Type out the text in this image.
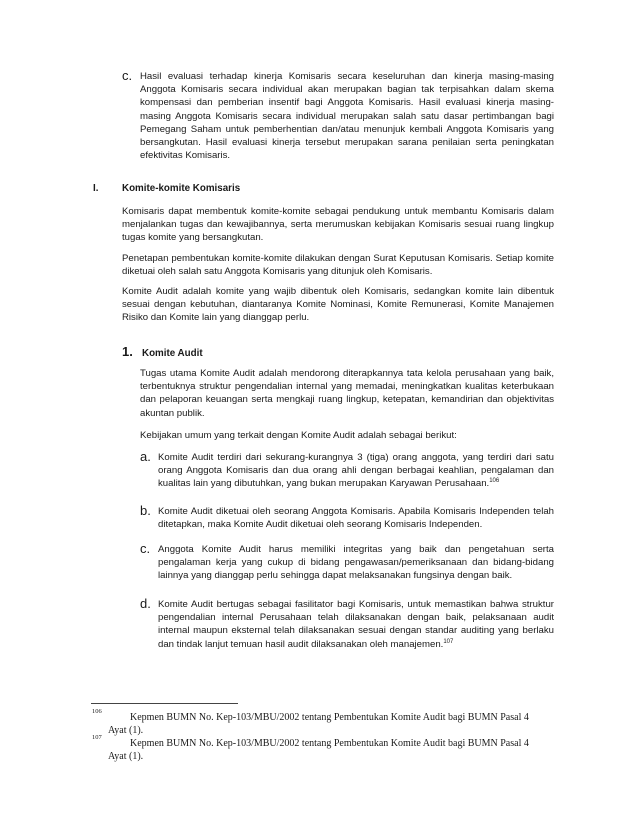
c. Hasil evaluasi terhadap kinerja Komisaris secara keseluruhan dan kinerja masing-masing Anggota Komisaris secara individual akan merupakan bagian tak terpisahkan dalam skema kompensasi dan pemberian insentif bagi Anggota Komisaris. Hasil evaluasi kinerja masing-masing Anggota Komisaris secara individual merupakan salah satu dasar pertimbangan bagi Pemegang Saham untuk pemberhentian dan/atau menunjuk kembali Anggota Komisaris yang bersangkutan. Hasil evaluasi kinerja tersebut merupakan sarana penilaian serta peningkatan efektivitas Komisaris.

I. Komite-komite Komisaris

Komisaris dapat membentuk komite-komite sebagai pendukung untuk membantu Komisaris dalam menjalankan tugas dan kewajibannya, serta merumuskan kebijakan Komisaris sesuai ruang lingkup tugas komite yang bersangkutan.

Penetapan pembentukan komite-komite dilakukan dengan Surat Keputusan Komisaris. Setiap komite diketuai oleh salah satu Anggota Komisaris yang ditunjuk oleh Komisaris.

Komite Audit adalah komite yang wajib dibentuk oleh Komisaris, sedangkan komite lain dibentuk sesuai dengan kebutuhan, diantaranya Komite Nominasi, Komite Remunerasi, Komite Manajemen Risiko dan Komite lain yang dianggap perlu.

1. Komite Audit

Tugas utama Komite Audit adalah mendorong diterapkannya tata kelola perusahaan yang baik, terbentuknya struktur pengendalian internal yang memadai, meningkatkan kualitas keterbukaan dan pelaporan keuangan serta mengkaji ruang lingkup, ketepatan, kemandirian dan objektivitas akuntan publik.

Kebijakan umum yang terkait dengan Komite Audit adalah sebagai berikut:

a. Komite Audit terdiri dari sekurang-kurangnya 3 (tiga) orang anggota, yang terdiri dari satu orang Anggota Komisaris dan dua orang ahli dengan berbagai keahlian, pengalaman dan kualitas lain yang dibutuhkan, yang bukan merupakan Karyawan Perusahaan.$^{106}$

b. Komite Audit diketuai oleh seorang Anggota Komisaris. Apabila Komisaris Independen telah ditetapkan, maka Komite Audit diketuai oleh seorang Komisaris Independen.

c. Anggota Komite Audit harus memiliki integritas yang baik dan pengetahuan serta pengalaman kerja yang cukup di bidang pengawasan/pemeriksanaan dan bidang-bidang lainnya yang dianggap perlu sehingga dapat melaksanakan fungsinya dengan baik.

d. Komite Audit bertugas sebagai fasilitator bagi Komisaris, untuk memastikan bahwa struktur pengendalian internal Perusahaan telah dilaksanakan dengan baik, pelaksanaan audit internal maupun eksternal telah dilaksanakan sesuai dengan standar auditing yang berlaku dan tindak lanjut temuan hasil audit dilaksanakan oleh manajemen.$^{107}$

106
Kepmen BUMN No. Kep-103/MBU/2002 tentang Pembentukan Komite Audit bagi BUMN Pasal 4
Ayat (1).
107
Kepmen BUMN No. Kep-103/MBU/2002 tentang Pembentukan Komite Audit bagi BUMN Pasal 4
Ayat (1).
